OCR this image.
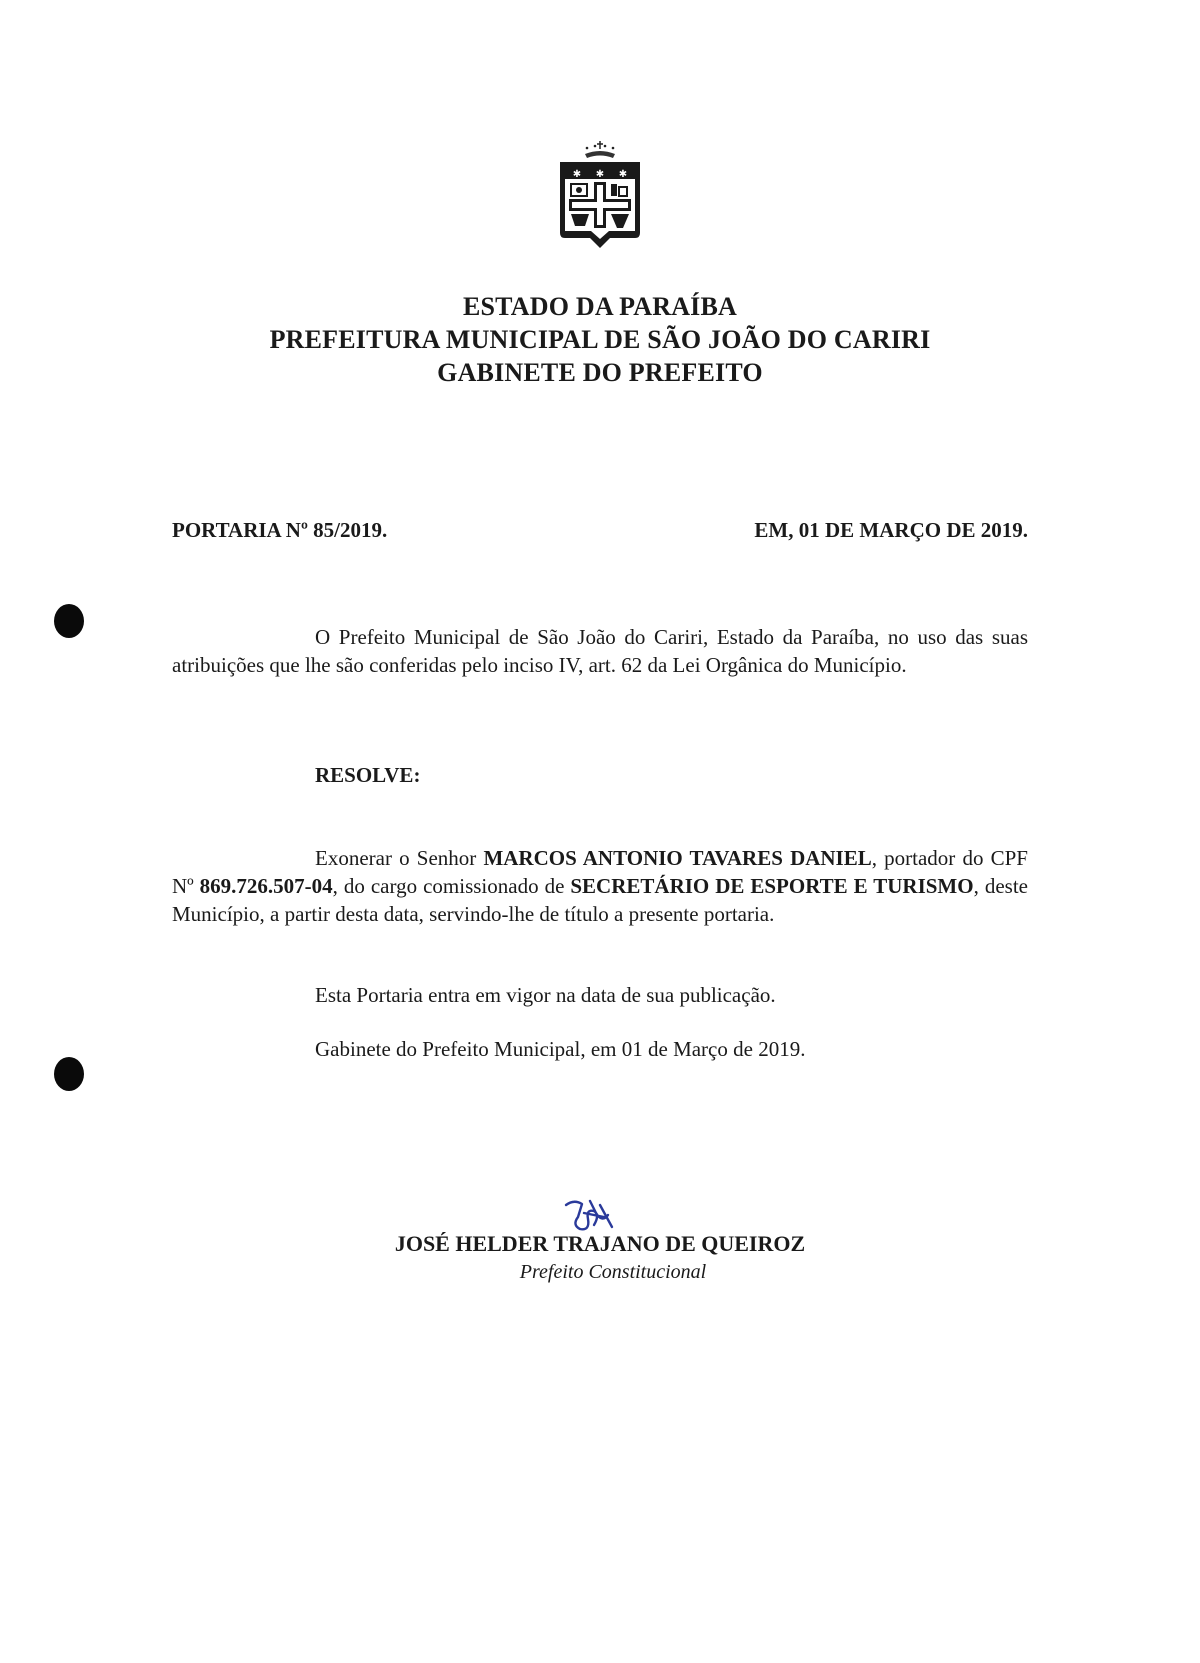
✱ ✱ ✱
ESTADO DA PARAÍBA
PREFEITURA MUNICIPAL DE SÃO JOÃO DO CARIRI
GABINETE DO PREFEITO
PORTARIA Nº 85/2019.	EM, 01 DE MARÇO DE 2019.
O Prefeito Municipal de São João do Cariri, Estado da Paraíba, no uso das suas atribuições que lhe são conferidas pelo inciso IV, art. 62 da Lei Orgânica do Município.
RESOLVE:
Exonerar o Senhor MARCOS ANTONIO TAVARES DANIEL, portador do CPF Nº 869.726.507-04, do cargo comissionado de SECRETÁRIO DE ESPORTE E TURISMO, deste Município, a partir desta data, servindo-lhe de título a presente portaria.
Esta Portaria entra em vigor na data de sua publicação.
Gabinete do Prefeito Municipal, em 01 de Março de 2019.
JOSÉ HELDER TRAJANO DE QUEIROZ
Prefeito Constitucional
